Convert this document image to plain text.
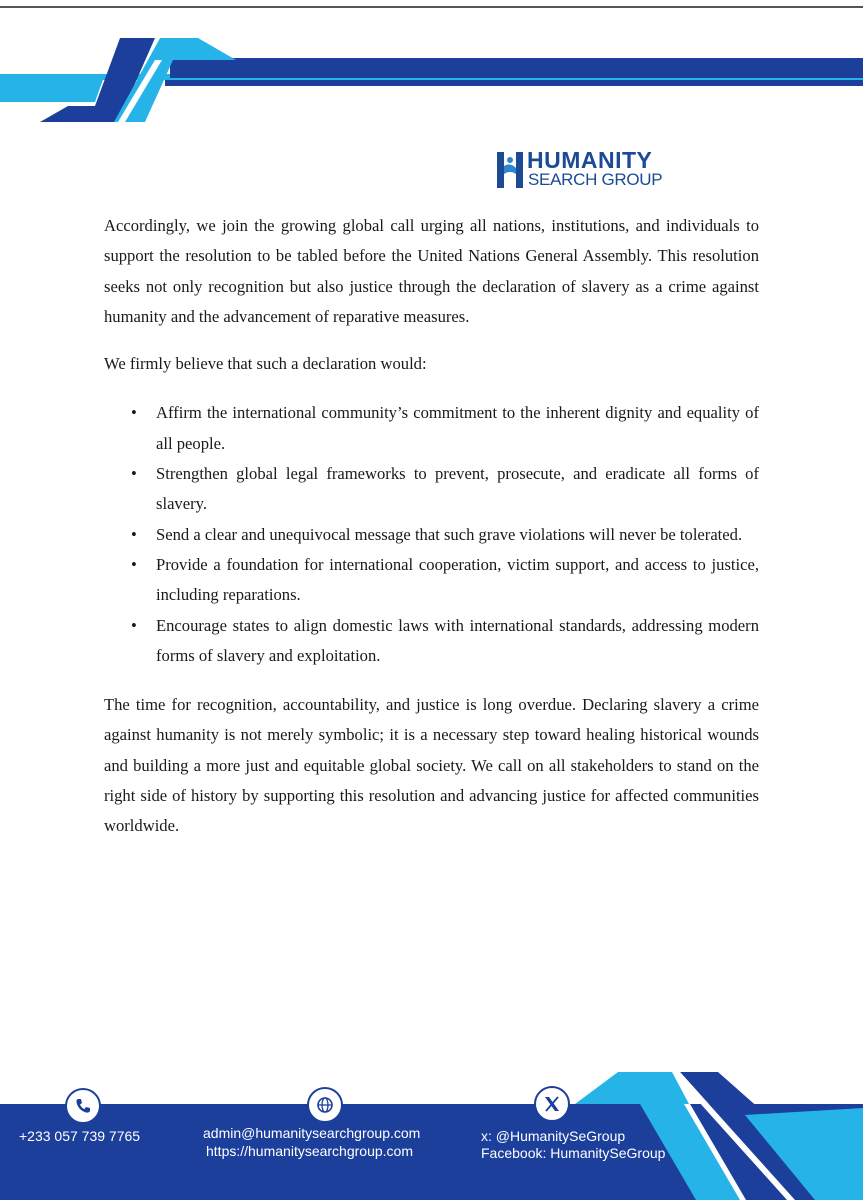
HUMANITY
SEARCH GROUP

Accordingly, we join the growing global call urging all nations, institutions, and individuals to support the resolution to be tabled before the United Nations General Assembly. This resolution seeks not only recognition but also justice through the declaration of slavery as a crime against humanity and the advancement of reparative measures.

We firmly believe that such a declaration would:

• Affirm the international community’s commitment to the inherent dignity and equality of all people.
• Strengthen global legal frameworks to prevent, prosecute, and eradicate all forms of slavery.
• Send a clear and unequivocal message that such grave violations will never be tolerated.
• Provide a foundation for international cooperation, victim support, and access to justice, including reparations.
• Encourage states to align domestic laws with international standards, addressing modern forms of slavery and exploitation.

The time for recognition, accountability, and justice is long overdue. Declaring slavery a crime against humanity is not merely symbolic; it is a necessary step toward healing historical wounds and building a more just and equitable global society. We call on all stakeholders to stand on the right side of history by supporting this resolution and advancing justice for affected communities worldwide.

+233 057 739 7765	admin@humanitysearchgroup.com
https://humanitysearchgroup.com
x: @HumanitySeGroup
Facebook: HumanitySeGroup
